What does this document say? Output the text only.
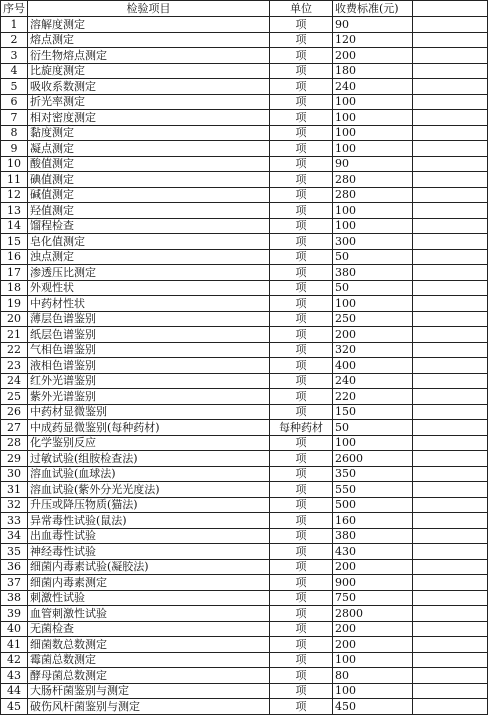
序号	检验项目	单位	收费标准(元)	
1	溶解度测定	项	90	
2	熔点测定	项	120	
3	衍生物熔点测定	项	200	
4	比旋度测定	项	180	
5	吸收系数测定	项	240	
6	折光率测定	项	100	
7	相对密度测定	项	100	
8	黏度测定	项	100	
9	凝点测定	项	100	
10	酸值测定	项	90	
11	碘值测定	项	280	
12	碱值测定	项	280	
13	羟值测定	项	100	
14	馏程检查	项	100	
15	皂化值测定	项	300	
16	浊点测定	项	50	
17	渗透压比测定	项	380	
18	外观性状	项	50	
19	中药材性状	项	100	
20	薄层色谱鉴别	项	250	
21	纸层色谱鉴别	项	200	
22	气相色谱鉴别	项	320	
23	液相色谱鉴别	项	400	
24	红外光谱鉴别	项	240	
25	紫外光谱鉴别	项	220	
26	中药材显微鉴别	项	150	
27	中成药显微鉴别(每种药材)	每种药材	50	
28	化学鉴别反应	项	100	
29	过敏试验(组胺检查法)	项	2600	
30	溶血试验(血球法)	项	350	
31	溶血试验(紫外分光光度法)	项	550	
32	升压或降压物质(猫法)	项	500	
33	异常毒性试验(鼠法)	项	160	
34	出血毒性试验	项	380	
35	神经毒性试验	项	430	
36	细菌内毒素试验(凝胶法)	项	200	
37	细菌内毒素测定	项	900	
38	刺激性试验	项	750	
39	血管刺激性试验	项	2800	
40	无菌检查	项	200	
41	细菌数总数测定	项	200	
42	霉菌总数测定	项	100	
43	酵母菌总数测定	项	80	
44	大肠杆菌鉴别与测定	项	100	
45	破伤风杆菌鉴别与测定	项	450	
